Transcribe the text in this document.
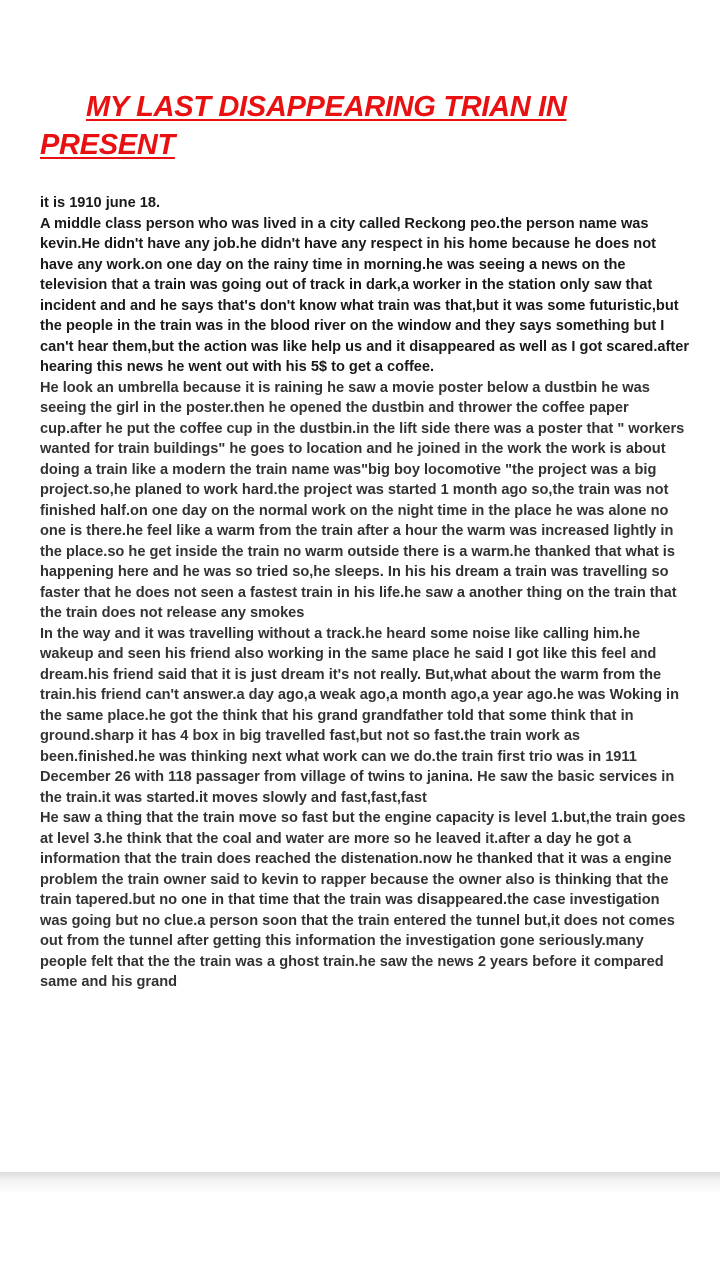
MY LAST DISAPPEARING TRIAN IN
PRESENT

it is 1910 june 18.

A middle class person who was lived in a city called Reckong peo.the person name was kevin.He didn't have any job.he didn't have any respect in his home because he does not have any work.on one day on the rainy time in morning.he was seeing a news on the television that a train was going out of track in dark,a worker in the station only saw that incident and and he says that's don't know what train was that,but it was some futuristic,but the people in the train was in the blood river on the window and they says something but I can't hear them,but the action was like help us and it disappeared as well as I got scared.after hearing this news he went out with his 5$ to get a coffee.

He look an umbrella because it is raining he saw a movie poster below a dustbin he was seeing the girl in the poster.then he opened the dustbin and thrower the coffee paper cup.after he put the coffee cup in the dustbin.in the lift side there was a poster that " workers wanted for train buildings" he goes to location and he joined in the work the work is about doing a train like a modern the train name was"big boy locomotive "the project was a big project.so,he planed to work hard.the project was started 1 month ago so,the train was not finished half.on one day on the normal work on the night time in the place he was alone no one is there.he feel like a warm from the train after a hour the warm was increased lightly in the place.so he get inside the train no warm outside there is a warm.he thanked that what is happening here and he was so tried so,he sleeps. In his his dream a train was travelling so faster that he does not seen a fastest train in his life.he saw a another thing on the train that the train does not release any smokes

In the way and it was travelling without a track.he heard some noise like calling him.he wakeup and seen his friend also working in the same place he said I got like this feel and dream.his friend said that it is just dream it's not really. But,what about the warm from the train.his friend can't answer.a day ago,a weak ago,a month ago,a year ago.he was Woking in the same place.he got the think that his grand grandfather told that some think that in ground.sharp it has 4 box in big travelled fast,but not so fast.the train work as been.finished.he was thinking next what work can we do.the train first trio was in 1911 December 26 with 118 passager from village of twins to janina. He saw the basic services in the train.it was started.it moves slowly and fast,fast,fast

He saw a thing that the train move so fast but the engine capacity is level 1.but,the train goes at level 3.he think that the coal and water are more so he leaved it.after a day he got a information that the train does reached the distenation.now he thanked that it was a engine problem the train owner said to kevin to rapper because the owner also is thinking that the train tapered.but no one in that time that the train was disappeared.the case investigation was going but no clue.a person soon that the train entered the tunnel but,it does not comes out from the tunnel after getting this information the investigation gone seriously.many people felt that the the train was a ghost train.he saw the news 2 years before it compared same and his grand
